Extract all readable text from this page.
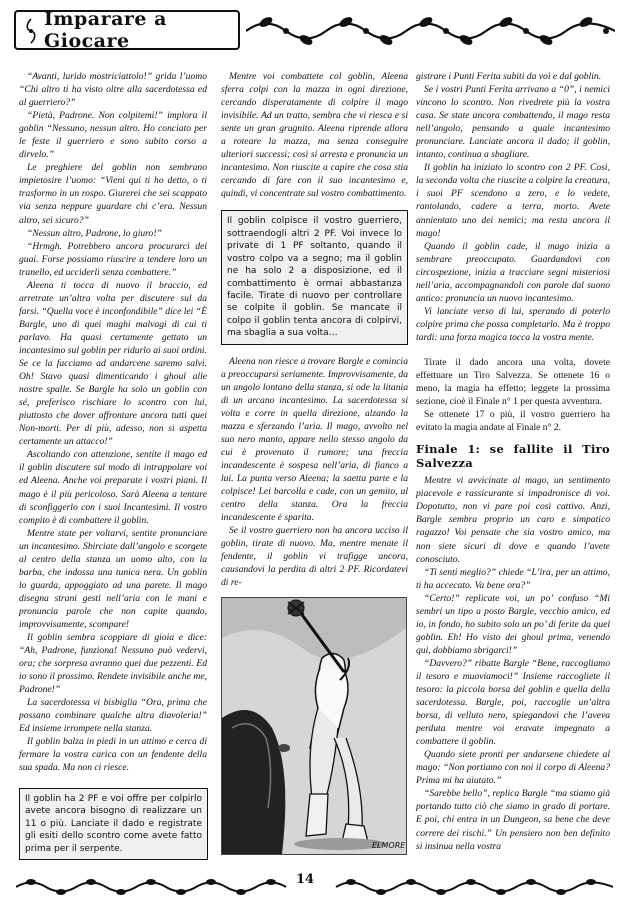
Imparare a Giocare

“Avanti, lurido mostriciattolo!” grida l’uomo “Chi altro ti ha visto oltre alla sacerdotessa ed al guerriero?”

“Pietà, Padrone. Non colpitemi!” implora il goblin “Nessuno, nessun altro. Ho conciato per le feste il guerriero e sono subito corso a dirvelo.”

Le preghiere del goblin non sembrano impietosire l’uomo: “Vieni qui ti ho detto, o ti trasformo in un rospo. Giurerei che sei scappato via senza neppure guardare chi c’era. Nessun altro, sei sicuro?”

“Nessun altro, Padrone, lo giuro!”

“Hrmgh. Potrebbero ancora procurarci dei guai. Forse possiamo riuscire a tendere loro un tranello, ed ucciderli senza combattere.”

Aleena ti tocca di nuovo il braccio, ed arretrate un’altra volta per discutere sul da farsi. “Quella voce è inconfondibile” dice lei “È Bargle, uno di quei maghi malvagi di cui ti parlavo. Ha quasi certamente gettato un incantesimo sul goblin per ridurlo ai suoi ordini. Se ce la facciamo ad andarcene saremo salvi. Oh! Stavo quasi dimenticando i ghoul alle nostre spalle. Se Bargle ha solo un goblin con sé, preferisco rischiare lo scontro con lui, piuttosto che dover affrontare ancora tutti quei Non-morti. Per di più, adesso, non si aspetta certamente un attacco!”

Ascoltando con attenzione, sentite il mago ed il goblin discutere sul modo di intrappolare voi ed Aleena. Anche voi preparate i vostri piani. Il mago è il più pericoloso. Sarà Aleena a tentare di sconfiggerlo con i suoi Incantesimi. Il vostro compito è di combattere il goblin.

Mentre state per voltarvi, sentite pronunciare un incantesimo. Sbirciate dall’angolo e scorgete al centro della stanza un uomo alto, con la barba, che indossa una tunica nera. Un goblin lo guarda, appoggiato ad una parete. Il mago disegna strani gesti nell’aria con le mani e pronuncia parole che non capite quando, improvvisamente, scompare!

Il goblin sembra scoppiare di gioia e dice: “Ah, Padrone, funziona! Nessuno può vedervi, ora; che sorpresa avranno quei due pezzenti. Ed io sono il prossimo. Rendete invisibile anche me, Padrone!”

La sacerdotessa vi bisbiglia “Ora, prima che possano combinare qualche altra diavoleria!” Ed insieme irrompete nella stanza.

Il goblin balza in piedi in un attimo e cerca di fermare la vostra carica con un fendente della sua spada. Ma non ci riesce.

Il goblin ha 2 PF e voi offre per colpirlo avete ancora bisogno di realizzare un 11 o più. Lanciate il dado e registrate gli esiti dello scontro come avete fatto prima per il serpente.

Mentre voi combattete col goblin, Aleena sferra colpi con la mazza in ogni direzione, cercando disperatamente di colpire il mago invisibile. Ad un tratto, sembra che vi riesca e si sente un gran grugnito. Aleena riprende allora a roteare la mazza, ma senza conseguire ulteriori successi; così si arresta e pronuncia un incantesimo. Non riuscite a capire che cosa stia cercando di fare con il suo incantesimo e, quindi, vi concentrate sul vostro combattimento.

Il goblin colpisce il vostro guerriero, sottraendogli altri 2 PF. Voi invece lo private di 1 PF soltanto, quando il vostro colpo va a segno; ma il goblin ne ha solo 2 a disposizione, ed il combattimento è ormai abbastanza facile. Tirate di nuovo per controllare se colpite il goblin. Se mancate il colpo il goblin tenta ancora di colpirvi, ma sbaglia a sua volta…

Aleena non riesce a trovare Bargle e comincia a preoccuparsi seriamente. Improvvisamente, da un angolo lontano della stanza, si ode la litania di un arcano incantesimo. La sacerdotessa si volta e corre in quella direzione, alzando la mazza e sferzando l’aria. Il mago, avvolto nel suo nero manto, appare nello stesso angolo da cui è provenuto il rumore; una freccia incandescente è sospesa nell’aria, di fianco a lui. La punta verso Aleena; la saetta parte e la colpisce! Lei barcolla e cade, con un gemito, al centro della stanza. Ora la freccia incandescente è sparita.

Se il vostro guerriero non ha ancora ucciso il goblin, tirate di nuovo. Ma, mentre menate il fendente, il goblin vi trafigge ancora, causandovi la perdita di altri 2 PF. Ricordatevi di re-

ELMORE

gistrare i Punti Ferita subiti da voi e dal goblin.

Se i vostri Punti Ferita arrivano a “0”, i nemici vincono lo scontro. Non rivedrete più la vostra casa. Se state ancora combattendo, il mago resta nell’angolo, pensando a quale incantesimo pronunciare. Lanciate ancora il dado; il goblin, intanto, continua a sbagliare.

Il goblin ha iniziato lo scontro con 2 PF. Così, la seconda volta che riuscite a colpire la creatura, i suoi PF scendono a zero, e lo vedete, rantolando, cadere a terra, morto. Avete annientato uno dei nemici; ma resta ancora il mago!

Quando il goblin cade, il mago inizia a sembrare preoccupato. Guardandovi con circospezione, inizia a tracciare segni misteriosi nell’aria, accompagnandoli con parole dal suono antico: pronuncia un nuovo incantesimo.

Vi lanciate verso di lui, sperando di poterlo colpire prima che possa completarlo. Ma è troppo tardi: una forza magica tocca la vostra mente.

Tirate il dado ancora una volta, dovete effettuare un Tiro Salvezza. Se ottenete 16 o meno, la magia ha effetto; leggete la prossima sezione, cioè il Finale n° 1 per questa avventura.

Se ottenete 17 o più, il vostro guerriero ha evitato la magia andate al Finale n° 2.

Finale 1: se fallite il Tiro Salvezza

Mentre vi avvicinate al mago, un sentimento piacevole e rassicurante si impadronisce di voi. Dopotutto, non vi pare poi così cattivo. Anzi, Bargle sembra proprio un caro e simpatico ragazzo! Voi pensate che sia vostro amico, ma non siete sicuri di dove e quando l’avete conosciuto.

“Ti senti meglio?” chiede “L’ira, per un attimo, ti ha accecato. Va bene ora?”

“Certo!” replicate voi, un po’ confuso “Mi sembri un tipo a posto Bargle, vecchio amico, ed io, in fondo, ho subito solo un po’ di ferite da quel goblin. Eh! Ho visto dei ghoul prima, venendo qui, dobbiamo sbrigarci!”

“Davvero?” ribatte Bargle “Bene, raccogliamo il tesoro e muoviamoci!” Insieme raccogliete il tesoro: la piccola borsa del goblin e quella della sacerdotessa. Bargle, poi, raccoglie un’altra borsa, di velluto nero, spiegandovi che l’aveva perduta mentre voi eravate impegnato a combattere il goblin.

Quando siete pronti per andarsene chiedete al mago: “Non portiamo con noi il corpo di Aleena? Prima mi ha aiutato.”

“Sarebbe bello”, replica Bargle “ma stiamo già portando tutto ciò che siamo in grado di portare. E poi, chi entra in un Dungeon, sa bene che deve correre dei rischi.” Un pensiero non ben definito si insinua nella vostra

14
